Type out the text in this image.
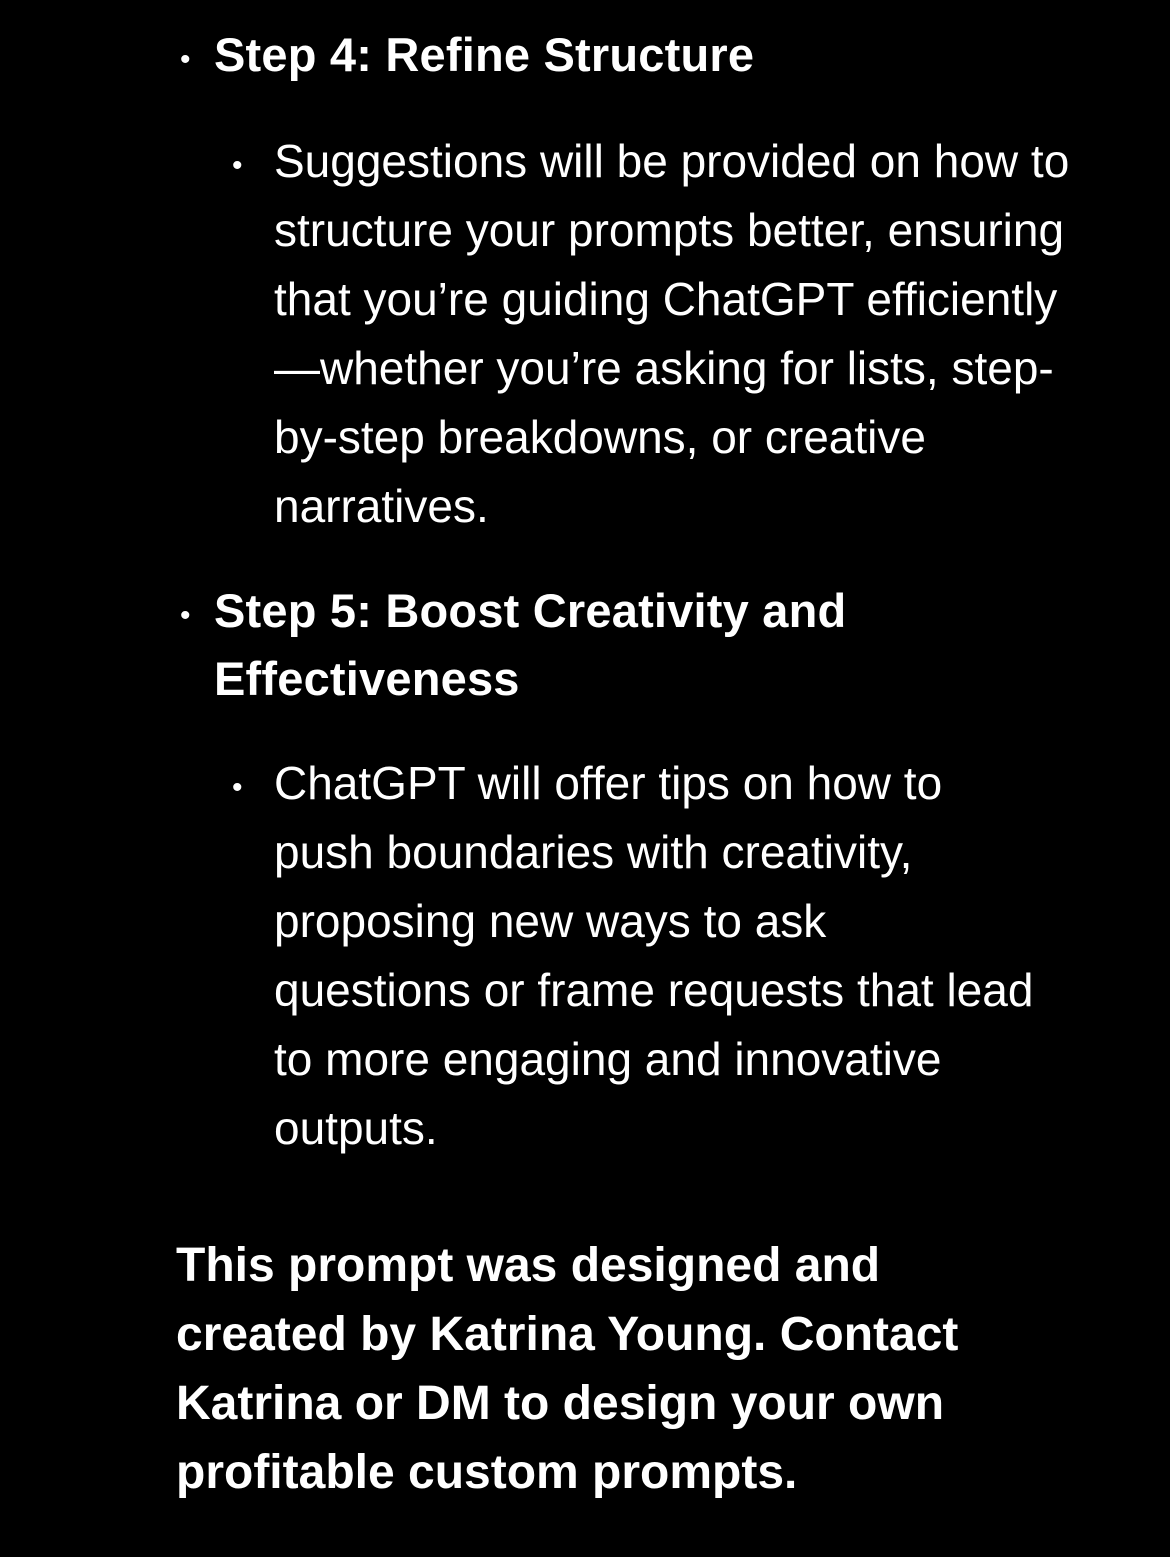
• Step 4: Refine Structure

• Suggestions will be provided on how to structure your prompts better, ensuring that you’re guiding ChatGPT efficiently—whether you’re asking for lists, step-by-step breakdowns, or creative narratives.

• Step 5: Boost Creativity and Effectiveness

• ChatGPT will offer tips on how to push boundaries with creativity, proposing new ways to ask questions or frame requests that lead to more engaging and innovative outputs.

This prompt was designed and created by Katrina Young. Contact Katrina or DM to design your own profitable custom prompts.
